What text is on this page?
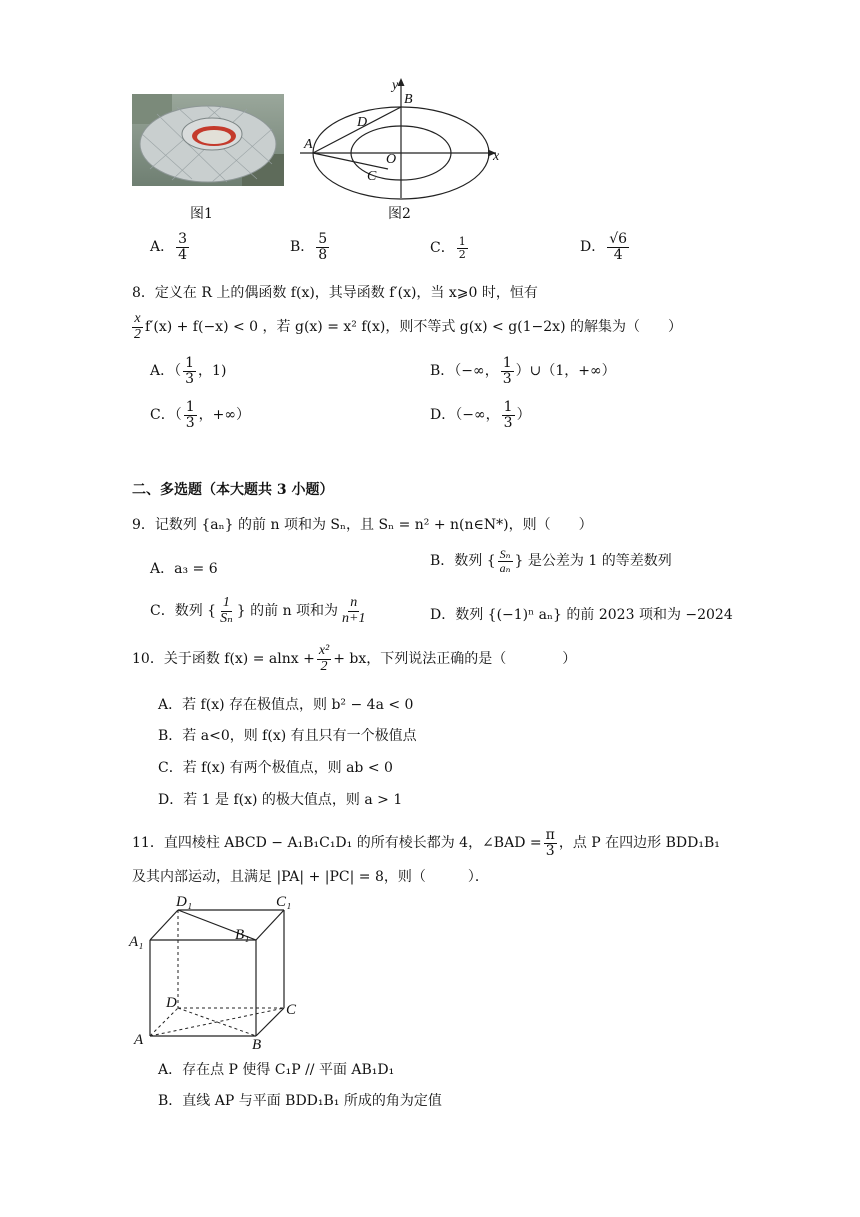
图1
y
B
D
A
O	x
C
图2
A． $\frac{3}{4}$	B． $\frac{5}{8}$	C． $\frac{1}{2}$	D． $\frac{√6}{4}$
8．定义在 R 上的偶函数 f(x)，其导函数 f′(x)，当 x⩾0 时，恒有
$\frac{x}{2} f'(x) + f(-x) < 0$ ，若 g(x) = x² f(x)，则不等式 g(x) < g(1−2x) 的解集为（　　）
A．（ $\frac{1}{3}$ ，1)	B．（−∞， $\frac{1}{3}$ ）∪（1，+∞）
C．（ $\frac{1}{3}$ ，+∞）	D．（−∞， $\frac{1}{3}$ ）
二、多选题（本大题共 3 小题）
9．记数列 {aₙ} 的前 n 项和为 Sₙ，且 Sₙ = n² + n(n∈N*)，则（　　）
A．a₃ = 6	B．数列 { $\frac{\text{Sₙ}}{\text{aₙ}}$ } 是公差为 1 的等差数列
C．数列 { $\frac{1}{\text{Sₙ}}$ } 的前 n 项和为 $\frac{n}{n+1}$	D．数列 {(−1)ⁿ aₙ} 的前 2023 项和为 −2024
10．关于函数 $f(x) = alnx + \frac{\text{x²}}{2}$ + bx，下列说法正确的是（　　　　）
A．若 f(x) 存在极值点，则 b² − 4a < 0
B．若 a<0，则 f(x) 有且只有一个极值点
C．若 f(x) 有两个极值点，则 ab < 0
D．若 1 是 f(x) 的极大值点，则 a > 1
11．直四棱柱 ABCD − A₁B₁C₁D₁ 的所有棱长都为 4，∠BAD = $\frac{\pi}{3}$ ，点 P 在四边形 BDD₁B₁
及其内部运动，且满足 |PA| + |PC| = 8，则（　　　）．
D₁	C₁
B₁
A₁
D	C
A	B
A．存在点 P 使得 C₁P // 平面 AB₁D₁
B．直线 AP 与平面 BDD₁B₁ 所成的角为定值
